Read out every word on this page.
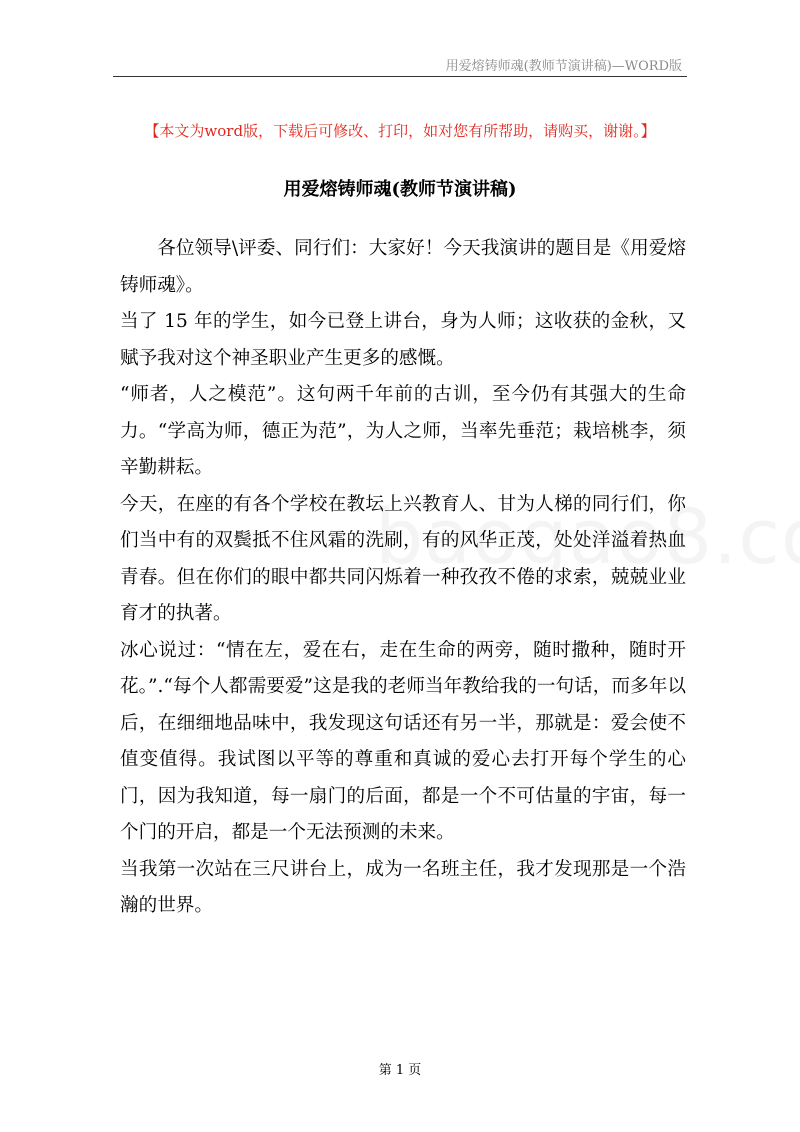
用爱熔铸师魂(教师节演讲稿)—WORD版
【本文为word版，下载后可修改、打印，如对您有所帮助，请购买，谢谢。】
用爱熔铸师魂(教师节演讲稿)

各位领导\评委、同行们：大家好！今天我演讲的题目是《用爱熔铸师魂》。

当了 15 年的学生，如今已登上讲台，身为人师；这收获的金秋，又赋予我对这个神圣职业产生更多的感慨。

“师者，人之模范”。这句两千年前的古训，至今仍有其强大的生命力。“学高为师，德正为范”，为人之师，当率先垂范；栽培桃李，须辛勤耕耘。

今天，在座的有各个学校在教坛上兴教育人、甘为人梯的同行们，你们当中有的双鬓抵不住风霜的洗刷，有的风华正茂，处处洋溢着热血青春。但在你们的眼中都共同闪烁着一种孜孜不倦的求索，兢兢业业育才的执著。

冰心说过：“情在左，爱在右，走在生命的两旁，随时撒种，随时开花。”.“每个人都需要爱”这是我的老师当年教给我的一句话，而多年以后，在细细地品味中，我发现这句话还有另一半，那就是：爱会使不值变值得。我试图以平等的尊重和真诚的爱心去打开每个学生的心门，因为我知道，每一扇门的后面，都是一个不可估量的宇宙，每一个门的开启，都是一个无法预测的未来。

当我第一次站在三尺讲台上，成为一名班主任，我才发现那是一个浩瀚的世界。

第 1 页
